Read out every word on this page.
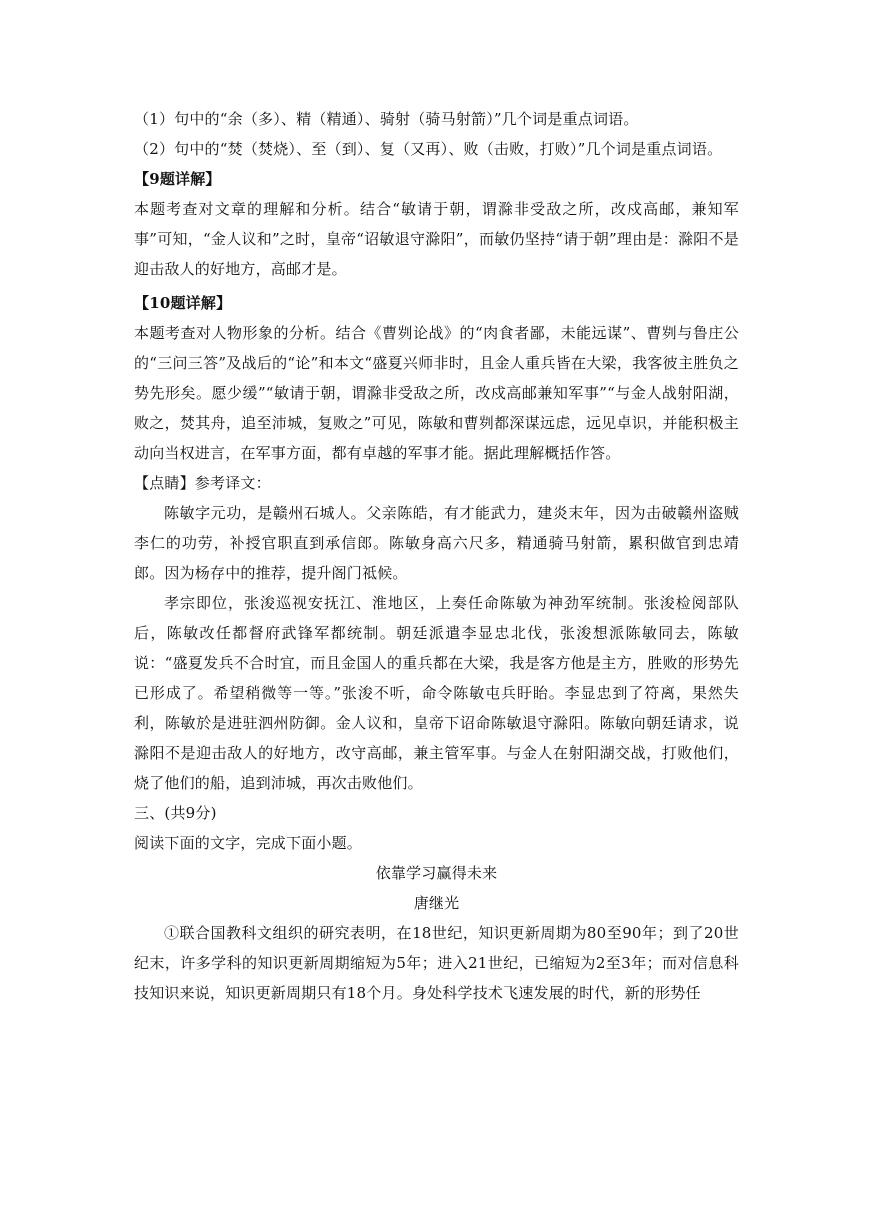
（1）句中的“余（多）、精（精通）、骑射（骑马射箭）”几个词是重点词语。
（2）句中的“焚（焚烧）、至（到）、复（又再）、败（击败，打败）”几个词是重点词语。
【9题详解】
本题考查对文章的理解和分析。结合“敏请于朝，谓滁非受敌之所，改戍高邮，兼知军事”可知，“金人议和”之时，皇帝“诏敏退守滁阳”，而敏仍坚持“请于朝”理由是：滁阳不是迎击敌人的好地方，高邮才是。
【10题详解】
本题考查对人物形象的分析。结合《曹刿论战》的“肉食者鄙，未能远谋”、曹刿与鲁庄公的“三问三答”及战后的“论”和本文“盛夏兴师非时，且金人重兵皆在大梁，我客彼主胜负之势先形矣。愿少缓”“敏请于朝，谓滁非受敌之所，改戍高邮兼知军事”“与金人战射阳湖，败之，焚其舟，追至沛城，复败之”可见，陈敏和曹刿都深谋远虑，远见卓识，并能积极主动向当权进言，在军事方面，都有卓越的军事才能。据此理解概括作答。
【点睛】参考译文：
陈敏字元功，是赣州石城人。父亲陈皓，有才能武力，建炎末年，因为击破赣州盗贼李仁的功劳，补授官职直到承信郎。陈敏身高六尺多，精通骑马射箭，累积做官到忠靖郎。因为杨存中的推荐，提升阁门祗候。
孝宗即位，张浚巡视安抚江、淮地区，上奏任命陈敏为神劲军统制。张浚检阅部队后，陈敏改任都督府武锋军都统制。朝廷派遣李显忠北伐，张浚想派陈敏同去，陈敏说：“盛夏发兵不合时宜，而且金国人的重兵都在大梁，我是客方他是主方，胜败的形势先已形成了。希望稍微等一等。”张浚不听，命令陈敏屯兵盱眙。李显忠到了符离，果然失利，陈敏於是进驻泗州防御。金人议和，皇帝下诏命陈敏退守滁阳。陈敏向朝廷请求，说滁阳不是迎击敌人的好地方，改守高邮，兼主管军事。与金人在射阳湖交战，打败他们，烧了他们的船，追到沛城，再次击败他们。
三、(共9分)
阅读下面的文字，完成下面小题。
依靠学习赢得未来
唐继光
①联合国教科文组织的研究表明，在18世纪，知识更新周期为80至90年；到了20世纪末，许多学科的知识更新周期缩短为5年；进入21世纪，已缩短为2至3年；而对信息科技知识来说，知识更新周期只有18个月。身处科学技术飞速发展的时代，新的形势任
